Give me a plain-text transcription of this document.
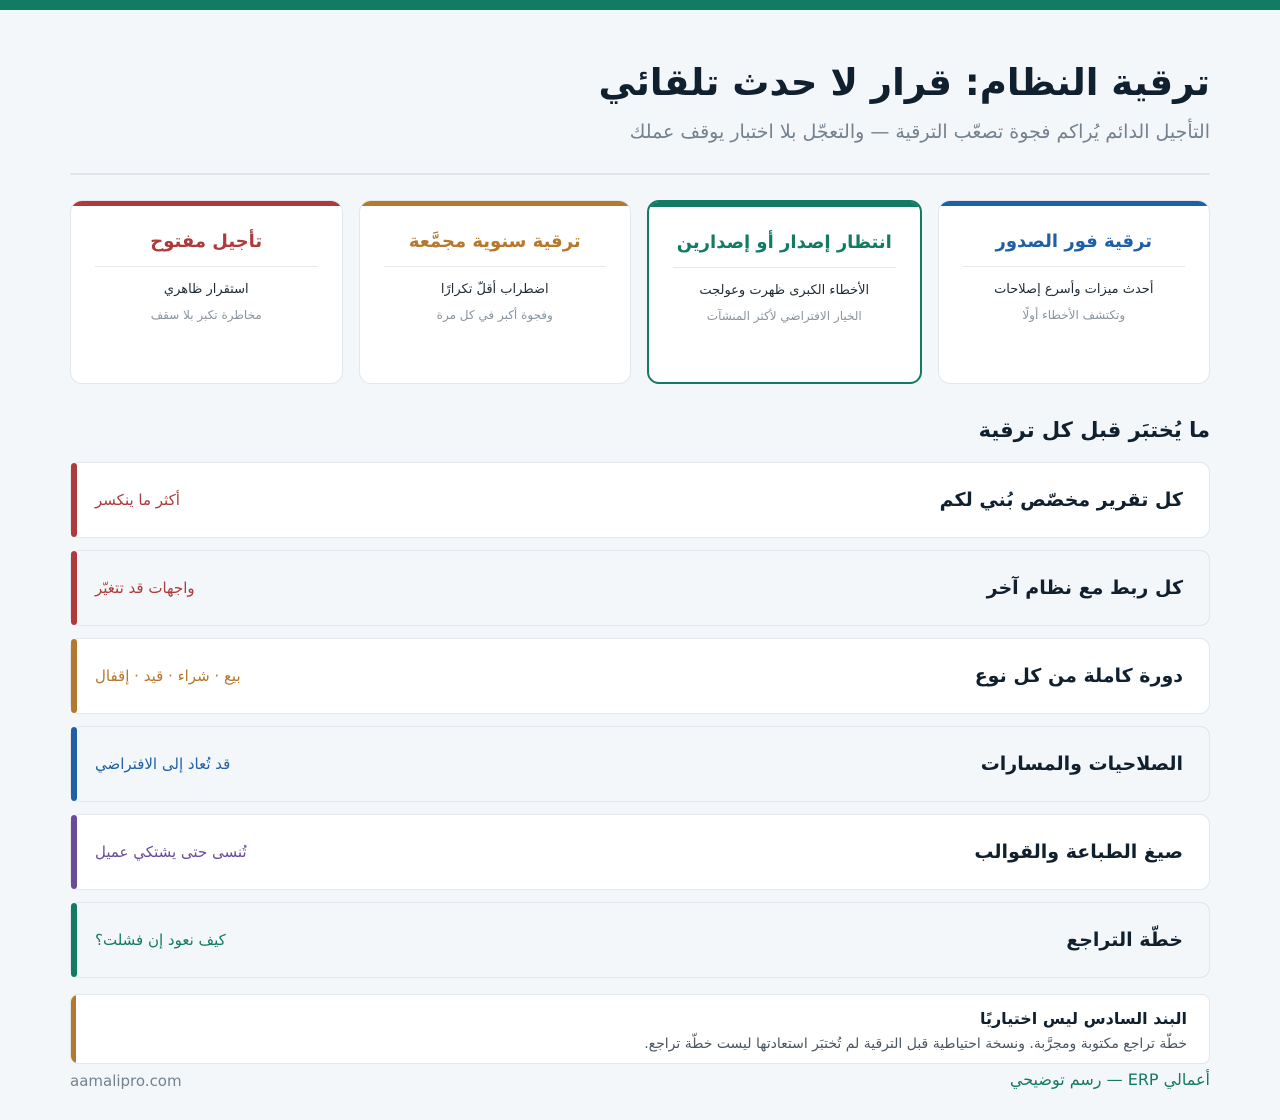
ترقية النظام: قرار لا حدث تلقائي

التأجيل الدائم يُراكم فجوة تصعّب الترقية — والتعجّل بلا اختبار يوقف عملك

ترقية فور الصدور
أحدث ميزات وأسرع إصلاحات
وتكتشف الأخطاء أولًا
انتظار إصدار أو إصدارين
الأخطاء الكبرى ظهرت وعولجت
الخيار الافتراضي لأكثر المنشآت
ترقية سنوية مجمَّعة
اضطراب أقلّ تكرارًا
وفجوة أكبر في كل مرة
تأجيل مفتوح
استقرار ظاهري
مخاطرة تكبر بلا سقف
ما يُختبَر قبل كل ترقية
كل تقرير مخصّص بُني لكم
أكثر ما ينكسر
كل ربط مع نظام آخر
واجهات قد تتغيّر
دورة كاملة من كل نوع
بيع · شراء · قيد · إقفال
الصلاحيات والمسارات
قد تُعاد إلى الافتراضي
صيغ الطباعة والقوالب
تُنسى حتى يشتكي عميل
خطّة التراجع
كيف نعود إن فشلت؟
البند السادس ليس اختياريًا
خطّة تراجع مكتوبة ومجرَّبة. ونسخة احتياطية قبل الترقية لم تُختبَر استعادتها ليست خطّة تراجع.
aamalipro.com	أعمالي ERP — رسم توضيحي
